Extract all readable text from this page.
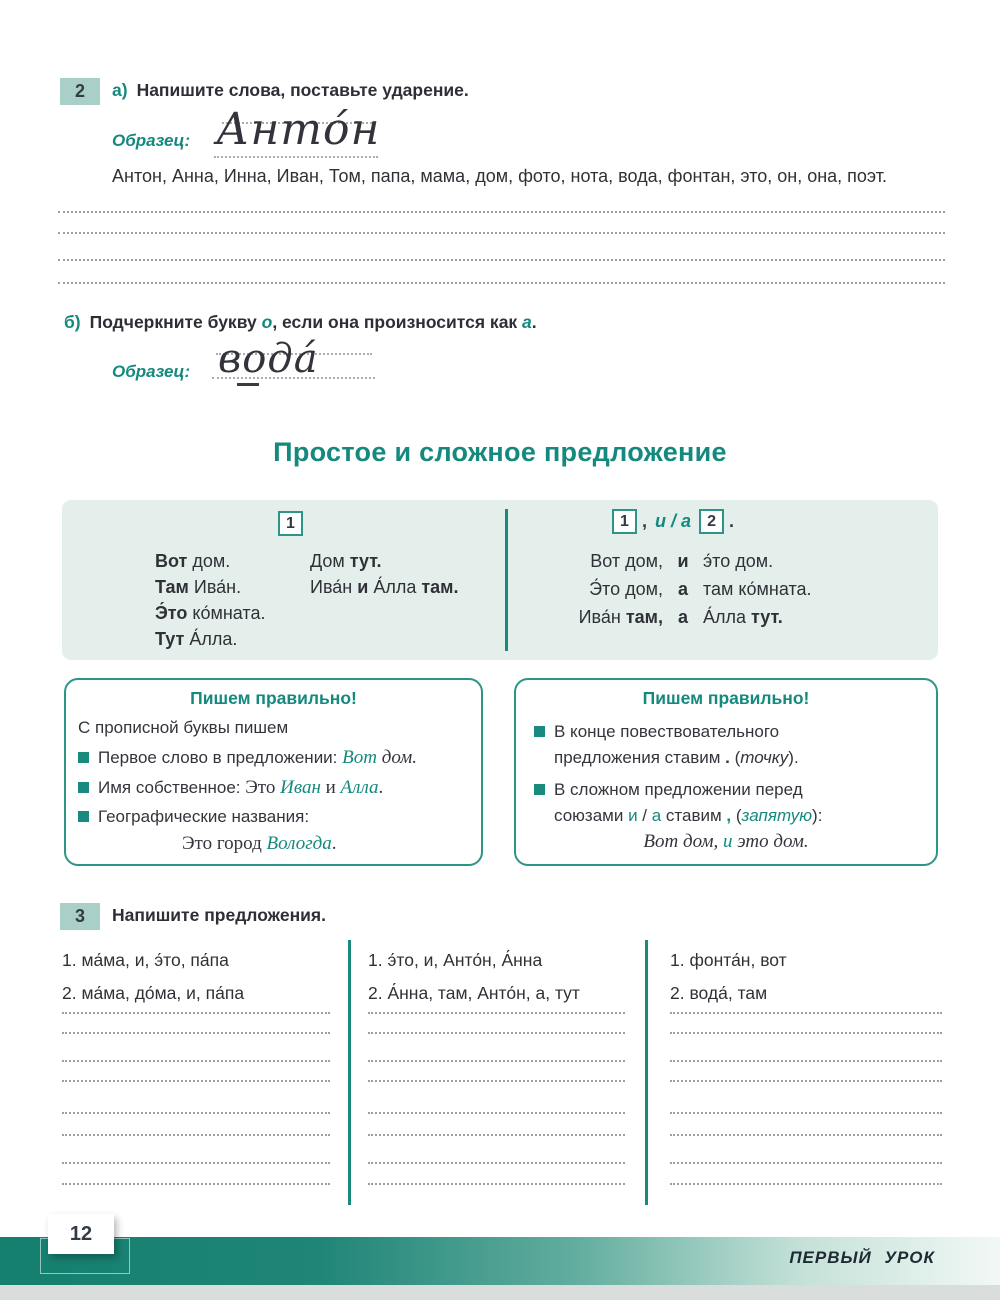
2 а) Напишите слова, поставьте ударение.
Образец: Анто́н
Антон, Анна, Инна, Иван, Том, папа, мама, дом, фото, нота, вода, фонтан, это, он, она, поэт.
б) Подчеркните букву о, если она произносится как а.
Образец: вода́
Простое и сложное предложение
1
Вот дом.	Дом тут.
Там Ива́н.	Ива́н и А́лла там.
Э́то ко́мната.
Тут А́лла.
1 , и / а 2 .
Вот дом, и э́то дом.
Э́то дом, а там ко́мната.
Ива́н там, а А́лла тут.
Пишем правильно!
С прописной буквы пишем
Первое слово в предложении: Вот дом.
Имя собственное: Это Иван и Алла.
Географические названия:
Это город Вологда.
Пишем правильно!
В конце повествовательного
предложения ставим . (точку).
В сложном предложении перед
союзами и / а ставим , (запятую):
Вот дом, и это дом.
3 Напишите предложения.
1. ма́ма, и, э́то, па́па
2. ма́ма, до́ма, и, па́па
1. э́то, и, Анто́н, А́нна
2. А́нна, там, Анто́н, а, тут
1. фонта́н, вот
2. вода́, там
12
ПЕРВЫЙ УРОК
